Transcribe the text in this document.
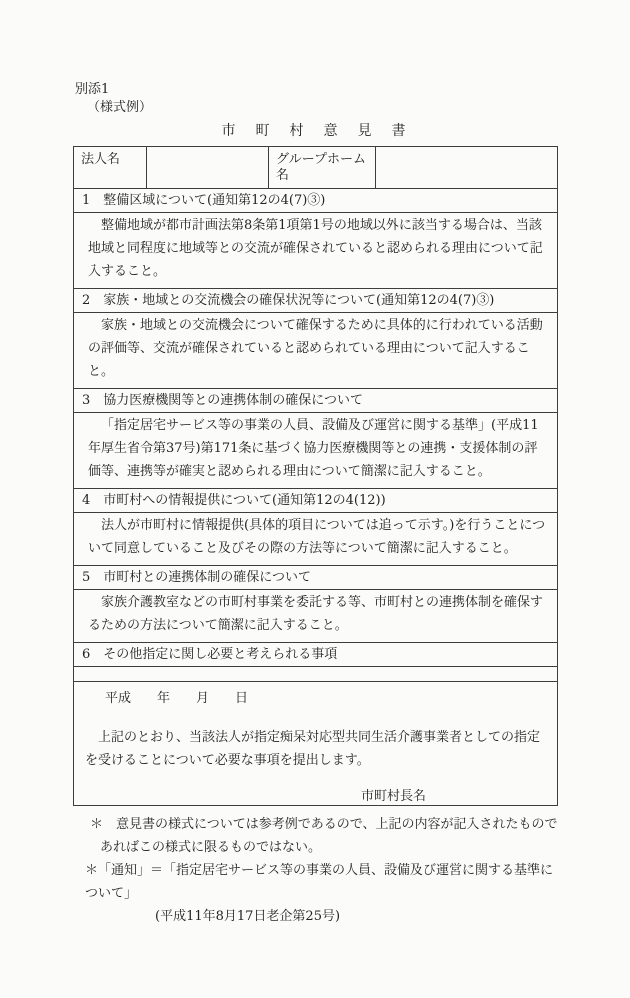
別添1
（様式例）
市　町　村　意　見　書
法人名		グループホーム名	
1　整備区域について(通知第12の4(7)③)
整備地域が都市計画法第8条第1項第1号の地域以外に該当する場合は、当該地域と同程度に地域等との交流が確保されていると認められる理由について記入すること。
2　家族・地域との交流機会の確保状況等について(通知第12の4(7)③)
家族・地域との交流機会について確保するために具体的に行われている活動の評価等、交流が確保されていると認められている理由について記入すること。
3　協力医療機関等との連携体制の確保について
「指定居宅サービス等の事業の人員、設備及び運営に関する基準」(平成11年厚生省令第37号)第171条に基づく協力医療機関等との連携・支援体制の評価等、連携等が確実と認められる理由について簡潔に記入すること。
4　市町村への情報提供について(通知第12の4(12))
法人が市町村に情報提供(具体的項目については追って示す。)を行うことについて同意していること及びその際の方法等について簡潔に記入すること。
5　市町村との連携体制の確保について
家族介護教室などの市町村事業を委託する等、市町村との連携体制を確保するための方法について簡潔に記入すること。
6　その他指定に関し必要と考えられる事項

平成　　年　　月　　日
上記のとおり、当該法人が指定痴呆対応型共同生活介護事業者としての指定を受けることについて必要な事項を提出します。
市町村長名
＊　意見書の様式については参考例であるので、上記の内容が記入されたものであればこの様式に限るものではない。
＊「通知」＝「指定居宅サービス等の事業の人員、設備及び運営に関する基準について」
(平成11年8月17日老企第25号)
